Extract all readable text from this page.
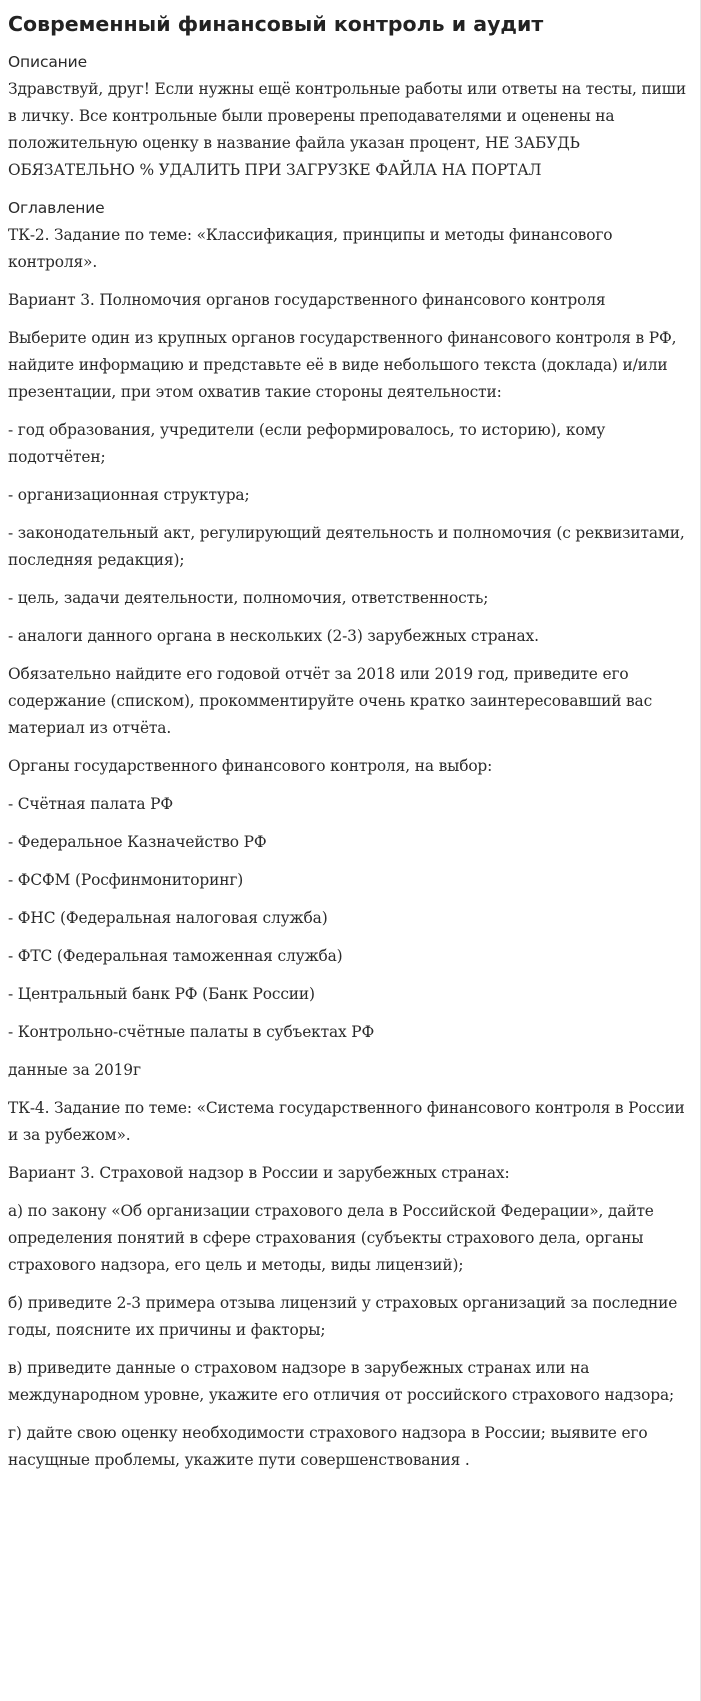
Современный финансовый контроль и аудит

Описание

Здравствуй, друг! Если нужны ещё контрольные работы или ответы на тесты, пиши в личку. Все контрольные были проверены преподавателями и оценены на положительную оценку в название файла указан процент, НЕ ЗАБУДЬ ОБЯЗАТЕЛЬНО % УДАЛИТЬ ПРИ ЗАГРУЗКЕ ФАЙЛА НА ПОРТАЛ

Оглавление

ТК-2. Задание по теме: «Классификация, принципы и методы финансового контроля».

Вариант 3. Полномочия органов государственного финансового контроля

Выберите один из крупных органов государственного финансового контроля в РФ, найдите информацию и представьте её в виде небольшого текста (доклада) и/или презентации, при этом охватив такие стороны деятельности:

- год образования, учредители (если реформировалось, то историю), кому подотчётен;

- организационная структура;

- законодательный акт, регулирующий деятельность и полномочия (с реквизитами, последняя редакция);

- цель, задачи деятельности, полномочия, ответственность;

- аналоги данного органа в нескольких (2-3) зарубежных странах.

Обязательно найдите его годовой отчёт за 2018 или 2019 год, приведите его содержание (списком), прокомментируйте очень кратко заинтересовавший вас материал из отчёта.

Органы государственного финансового контроля, на выбор:

- Счётная палата РФ

- Федеральное Казначейство РФ

- ФСФМ (Росфинмониторинг)

- ФНС (Федеральная налоговая служба)

- ФТС (Федеральная таможенная служба)

- Центральный банк РФ (Банк России)

- Контрольно-счётные палаты в субъектах РФ

данные за 2019г

ТК-4. Задание по теме: «Система государственного финансового контроля в России и за рубежом».

Вариант 3. Страховой надзор в России и зарубежных странах:

а) по закону «Об организации страхового дела в Российской Федерации», дайте определения понятий в сфере страхования (субъекты страхового дела, органы страхового надзора, его цель и методы, виды лицензий);

б) приведите 2-3 примера отзыва лицензий у страховых организаций за последние годы, поясните их причины и факторы;

в) приведите данные о страховом надзоре в зарубежных странах или на международном уровне, укажите его отличия от российского страхового надзора;

г) дайте свою оценку необходимости страхового надзора в России; выявите его насущные проблемы, укажите пути совершенствования .
